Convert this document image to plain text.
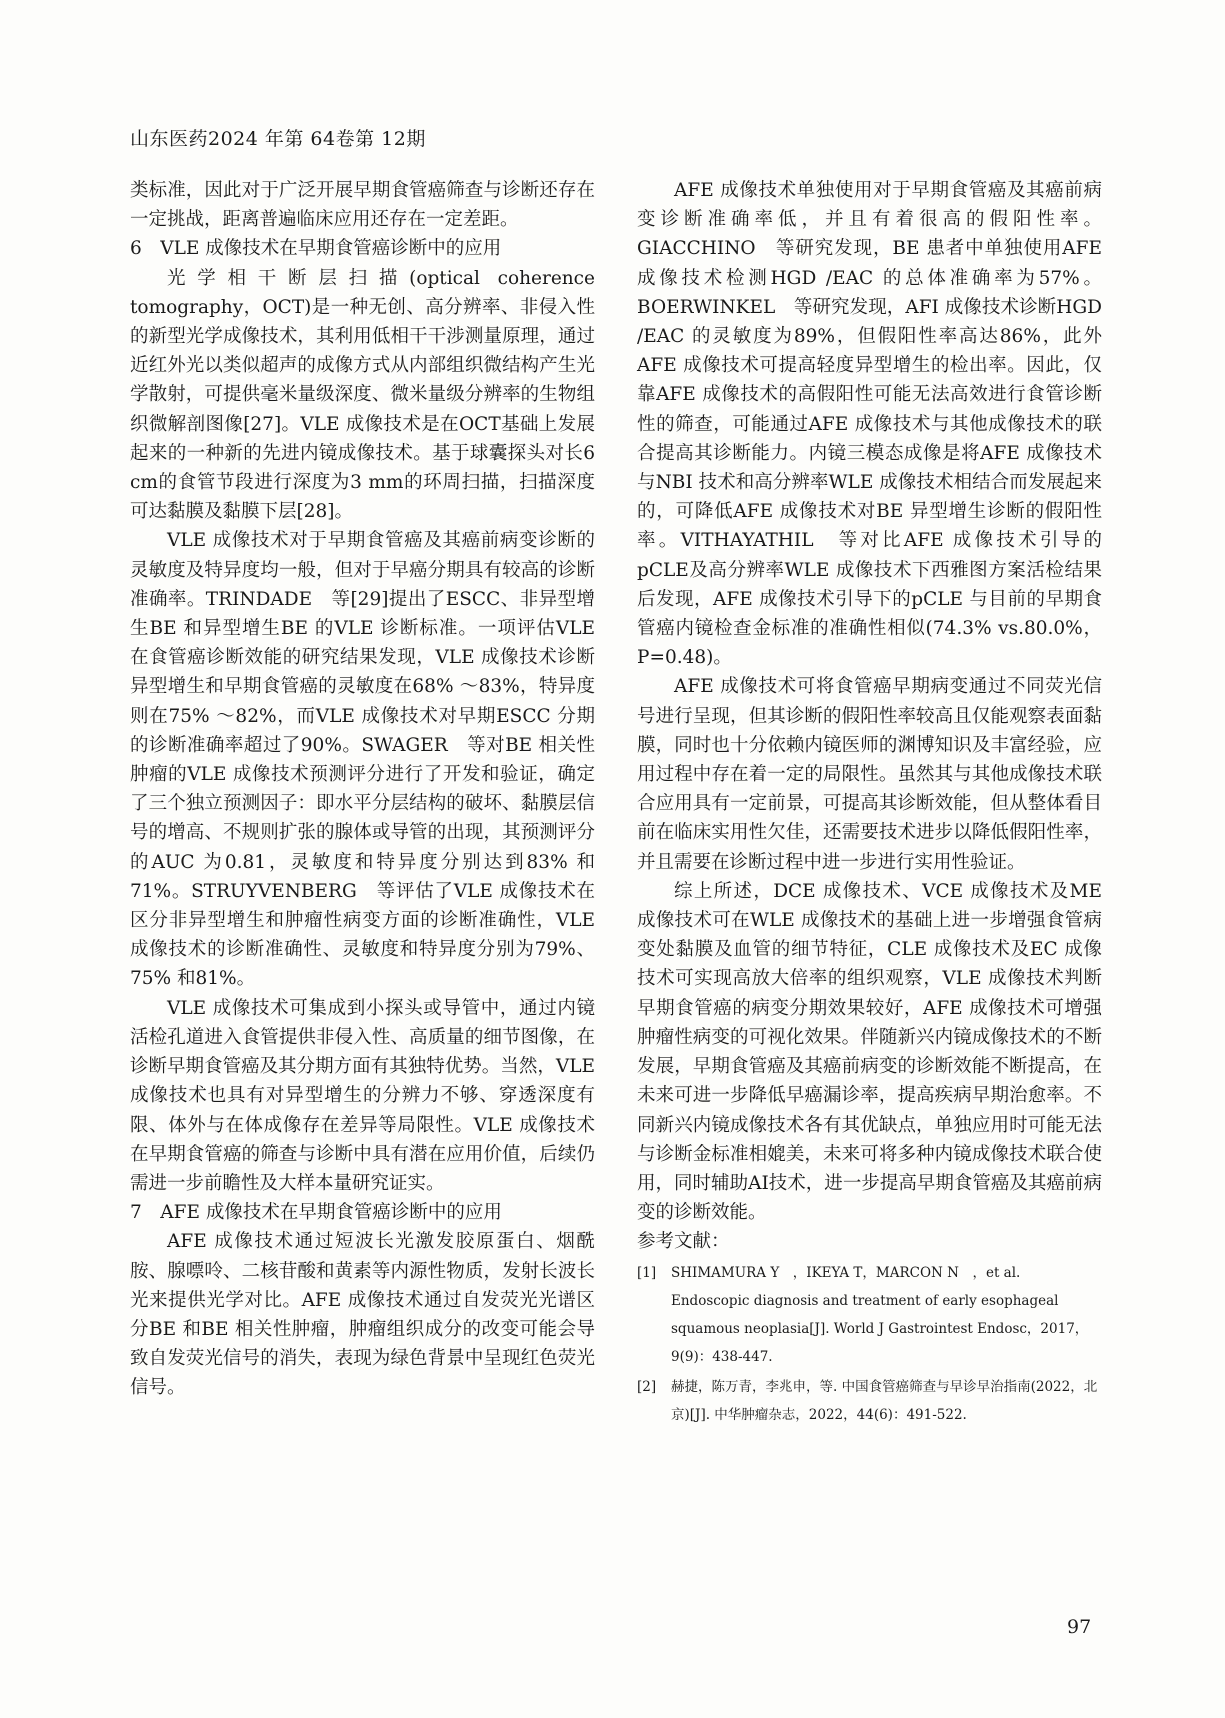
山东医药2024 年第 64卷第 12期

类标准，因此对于广泛开展早期食管癌筛查与诊断还存在一定挑战，距离普遍临床应用还存在一定差距。

6　VLE 成像技术在早期食管癌诊断中的应用

光学相干断层扫描(optical coherence tomography，OCT)是一种无创、高分辨率、非侵入性的新型光学成像技术，其利用低相干干涉测量原理，通过近红外光以类似超声的成像方式从内部组织微结构产生光学散射，可提供毫米量级深度、微米量级分辨率的生物组织微解剖图像[27]。VLE 成像技术是在OCT基础上发展起来的一种新的先进内镜成像技术。基于球囊探头对长6 cm的食管节段进行深度为3 mm的环周扫描，扫描深度可达黏膜及黏膜下层[28]。

VLE 成像技术对于早期食管癌及其癌前病变诊断的灵敏度及特异度均一般，但对于早癌分期具有较高的诊断准确率。TRINDADE　等[29]提出了ESCC、非异型增生BE 和异型增生BE 的VLE 诊断标准。一项评估VLE 在食管癌诊断效能的研究结果发现，VLE 成像技术诊断异型增生和早期食管癌的灵敏度在68% ～83%，特异度则在75% ～82%，而VLE 成像技术对早期ESCC 分期的诊断准确率超过了90%。SWAGER　等对BE 相关性肿瘤的VLE 成像技术预测评分进行了开发和验证，确定了三个独立预测因子：即水平分层结构的破坏、黏膜层信号的增高、不规则扩张的腺体或导管的出现，其预测评分的AUC 为0.81，灵敏度和特异度分别达到83% 和71%。STRUYVENBERG　等评估了VLE 成像技术在区分非异型增生和肿瘤性病变方面的诊断准确性，VLE 成像技术的诊断准确性、灵敏度和特异度分别为79%、75% 和81%。

VLE 成像技术可集成到小探头或导管中，通过内镜活检孔道进入食管提供非侵入性、高质量的细节图像，在诊断早期食管癌及其分期方面有其独特优势。当然，VLE 成像技术也具有对异型增生的分辨力不够、穿透深度有限、体外与在体成像存在差异等局限性。VLE 成像技术在早期食管癌的筛查与诊断中具有潜在应用价值，后续仍需进一步前瞻性及大样本量研究证实。

7　AFE 成像技术在早期食管癌诊断中的应用

AFE 成像技术通过短波长光激发胶原蛋白、烟酰胺、腺嘌呤、二核苷酸和黄素等内源性物质，发射长波长光来提供光学对比。AFE 成像技术通过自发荧光光谱区分BE 和BE 相关性肿瘤，肿瘤组织成分的改变可能会导致自发荧光信号的消失，表现为绿色背景中呈现红色荧光信号。

AFE 成像技术单独使用对于早期食管癌及其癌前病变诊断准确率低，并且有着很高的假阳性率。GIACCHINO　等研究发现，BE 患者中单独使用AFE 成像技术检测HGD /EAC 的总体准确率为57%。BOERWINKEL　等研究发现，AFI 成像技术诊断HGD /EAC 的灵敏度为89%，但假阳性率高达86%，此外AFE 成像技术可提高轻度异型增生的检出率。因此，仅靠AFE 成像技术的高假阳性可能无法高效进行食管诊断性的筛查，可能通过AFE 成像技术与其他成像技术的联合提高其诊断能力。内镜三模态成像是将AFE 成像技术与NBI 技术和高分辨率WLE 成像技术相结合而发展起来的，可降低AFE 成像技术对BE 异型增生诊断的假阳性率。VITHAYATHIL　等对比AFE 成像技术引导的pCLE及高分辨率WLE 成像技术下西雅图方案活检结果后发现，AFE 成像技术引导下的pCLE 与目前的早期食管癌内镜检查金标准的准确性相似(74.3% vs.80.0%，P=0.48)。

AFE 成像技术可将食管癌早期病变通过不同荧光信号进行呈现，但其诊断的假阳性率较高且仅能观察表面黏膜，同时也十分依赖内镜医师的渊博知识及丰富经验，应用过程中存在着一定的局限性。虽然其与其他成像技术联合应用具有一定前景，可提高其诊断效能，但从整体看目前在临床实用性欠佳，还需要技术进步以降低假阳性率，并且需要在诊断过程中进一步进行实用性验证。

综上所述，DCE 成像技术、VCE 成像技术及ME 成像技术可在WLE 成像技术的基础上进一步增强食管病变处黏膜及血管的细节特征，CLE 成像技术及EC 成像技术可实现高放大倍率的组织观察，VLE 成像技术判断早期食管癌的病变分期效果较好，AFE 成像技术可增强肿瘤性病变的可视化效果。伴随新兴内镜成像技术的不断发展，早期食管癌及其癌前病变的诊断效能不断提高，在未来可进一步降低早癌漏诊率，提高疾病早期治愈率。不同新兴内镜成像技术各有其优缺点，单独应用时可能无法与诊断金标准相媲美，未来可将多种内镜成像技术联合使用，同时辅助AI技术，进一步提高早期食管癌及其癌前病变的诊断效能。

参考文献：
[1]	SHIMAMURA Y　，IKEYA T，MARCON N　，et al. Endoscopic diagnosis and treatment of early esophageal squamous neoplasia[J]. World J Gastrointest Endosc，2017，9(9)：438-447.
[2]	赫捷，陈万青，李兆申，等. 中国食管癌筛查与早诊早治指南(2022，北京)[J]. 中华肿瘤杂志，2022，44(6)：491-522.
97
